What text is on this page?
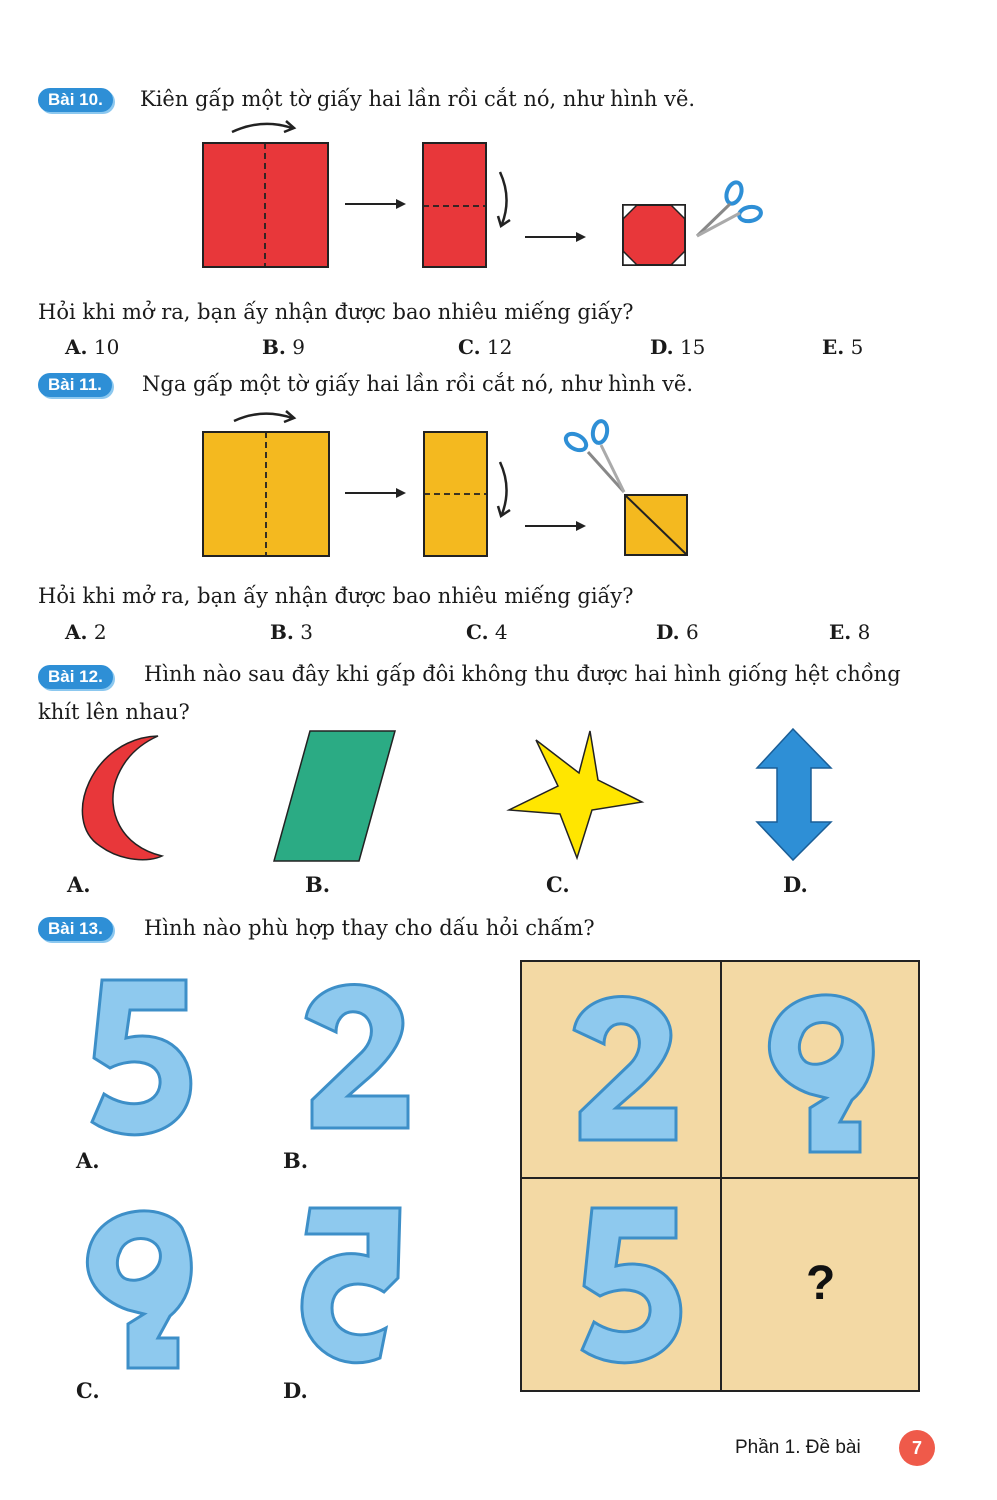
Bài 10.	Kiên gấp một tờ giấy hai lần rồi cắt nó, như hình vẽ.
Hỏi khi mở ra, bạn ấy nhận được bao nhiêu miếng giấy?
A. 10	B. 9	C. 12	D. 15	E. 5
Bài 11.	Nga gấp một tờ giấy hai lần rồi cắt nó, như hình vẽ.
Hỏi khi mở ra, bạn ấy nhận được bao nhiêu miếng giấy?
A. 2	B. 3	C. 4	D. 6	E. 8
Bài 12.	Hình nào sau đây khi gấp đôi không thu được hai hình giống hệt chồng
khít lên nhau?
A.	B.	C.	D.
Bài 13.	Hình nào phù hợp thay cho dấu hỏi chấm?
A.	B.
C.	D.
?
Phần 1. Đề bài	7
